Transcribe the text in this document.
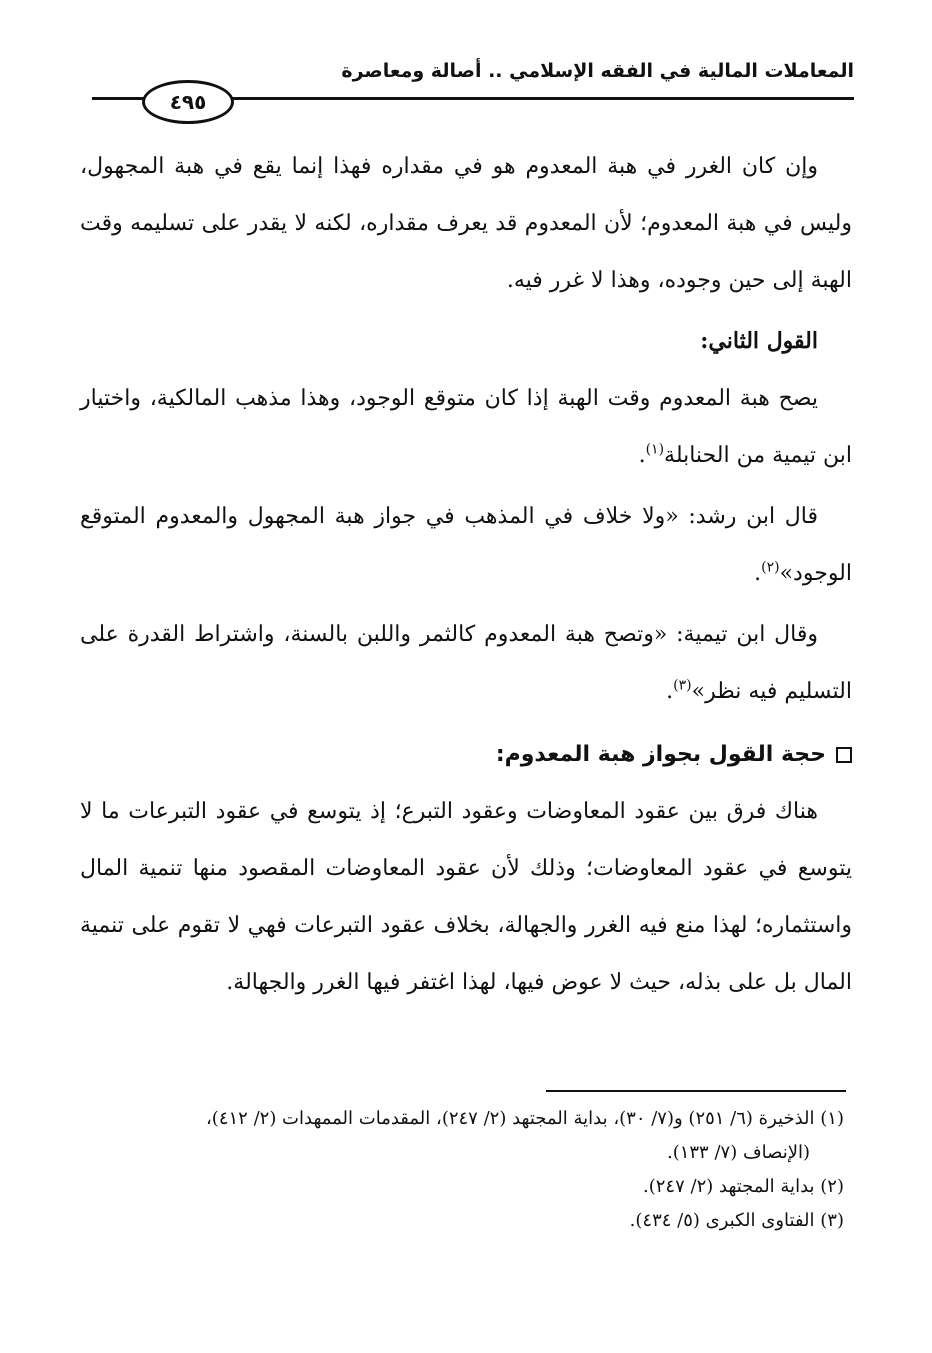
المعاملات المالية في الفقه الإسلامي .. أصالة ومعاصرة
٤٩٥

وإن كان الغرر في هبة المعدوم هو في مقداره فهذا إنما يقع في هبة المجهول، وليس في هبة المعدوم؛ لأن المعدوم قد يعرف مقداره، لكنه لا يقدر على تسليمه وقت الهبة إلى حين وجوده، وهذا لا غرر فيه.

القول الثاني:

يصح هبة المعدوم وقت الهبة إذا كان متوقع الوجود، وهذا مذهب المالكية، واختيار ابن تيمية من الحنابلة$^{(١)}$.

قال ابن رشد: «ولا خلاف في المذهب في جواز هبة المجهول والمعدوم المتوقع الوجود»$^{(٢)}$.

وقال ابن تيمية: «وتصح هبة المعدوم كالثمر واللبن بالسنة، واشتراط القدرة على التسليم فيه نظر»$^{(٣)}$.

حجة القول بجواز هبة المعدوم:

هناك فرق بين عقود المعاوضات وعقود التبرع؛ إذ يتوسع في عقود التبرعات ما لا يتوسع في عقود المعاوضات؛ وذلك لأن عقود المعاوضات المقصود منها تنمية المال واستثماره؛ لهذا منع فيه الغرر والجهالة، بخلاف عقود التبرعات فهي لا تقوم على تنمية المال بل على بذله، حيث لا عوض فيها، لهذا اغتفر فيها الغرر والجهالة.

(١) الذخيرة (٦/ ٢٥١) و(٧/ ٣٠)، بداية المجتهد (٢/ ٢٤٧)، المقدمات الممهدات (٢/ ٤١٢)،

(الإنصاف (٧/ ١٣٣).

(٢) بداية المجتهد (٢/ ٢٤٧).

(٣) الفتاوى الكبرى (٥/ ٤٣٤).
